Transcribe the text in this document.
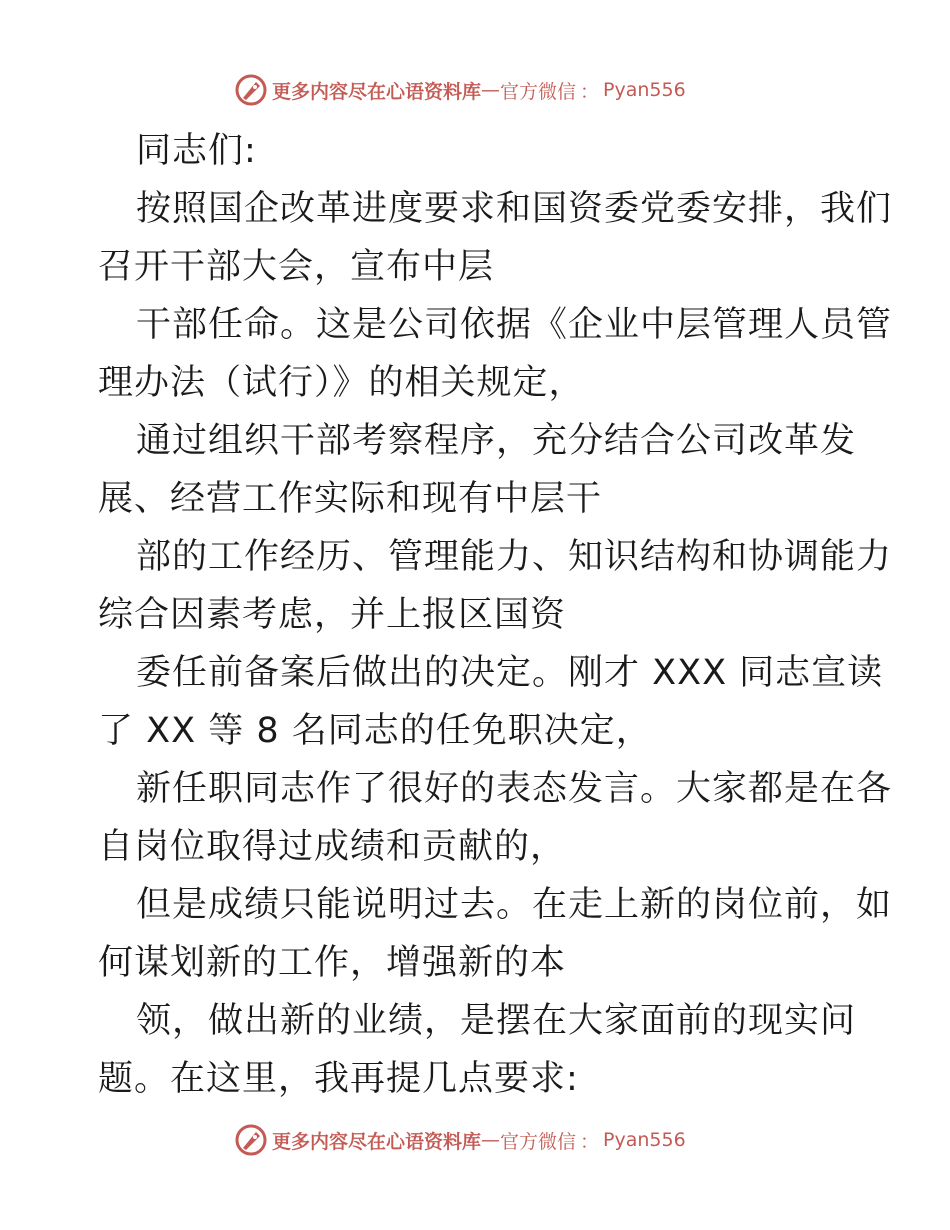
更多内容尽在心语资料库 — 官方微信 ： Pyan556
同志们:
按照国企改革进度要求和国资委党委安排，我们
召开干部大会，宣布中层
干部任命。这是公司依据《企业中层管理人员管
理办法（试行）》的相关规定，
通过组织干部考察程序，充分结合公司改革发
展、经营工作实际和现有中层干
部的工作经历、管理能力、知识结构和协调能力
综合因素考虑，并上报区国资
委任前备案后做出的决定。刚才 XXX 同志宣读
了 XX 等 8 名同志的任免职决定，
新任职同志作了很好的表态发言。大家都是在各
自岗位取得过成绩和贡献的，
但是成绩只能说明过去。在走上新的岗位前，如
何谋划新的工作，增强新的本
领，做出新的业绩，是摆在大家面前的现实问
题。在这里，我再提几点要求:
更多内容尽在心语资料库 — 官方微信 ： Pyan556
